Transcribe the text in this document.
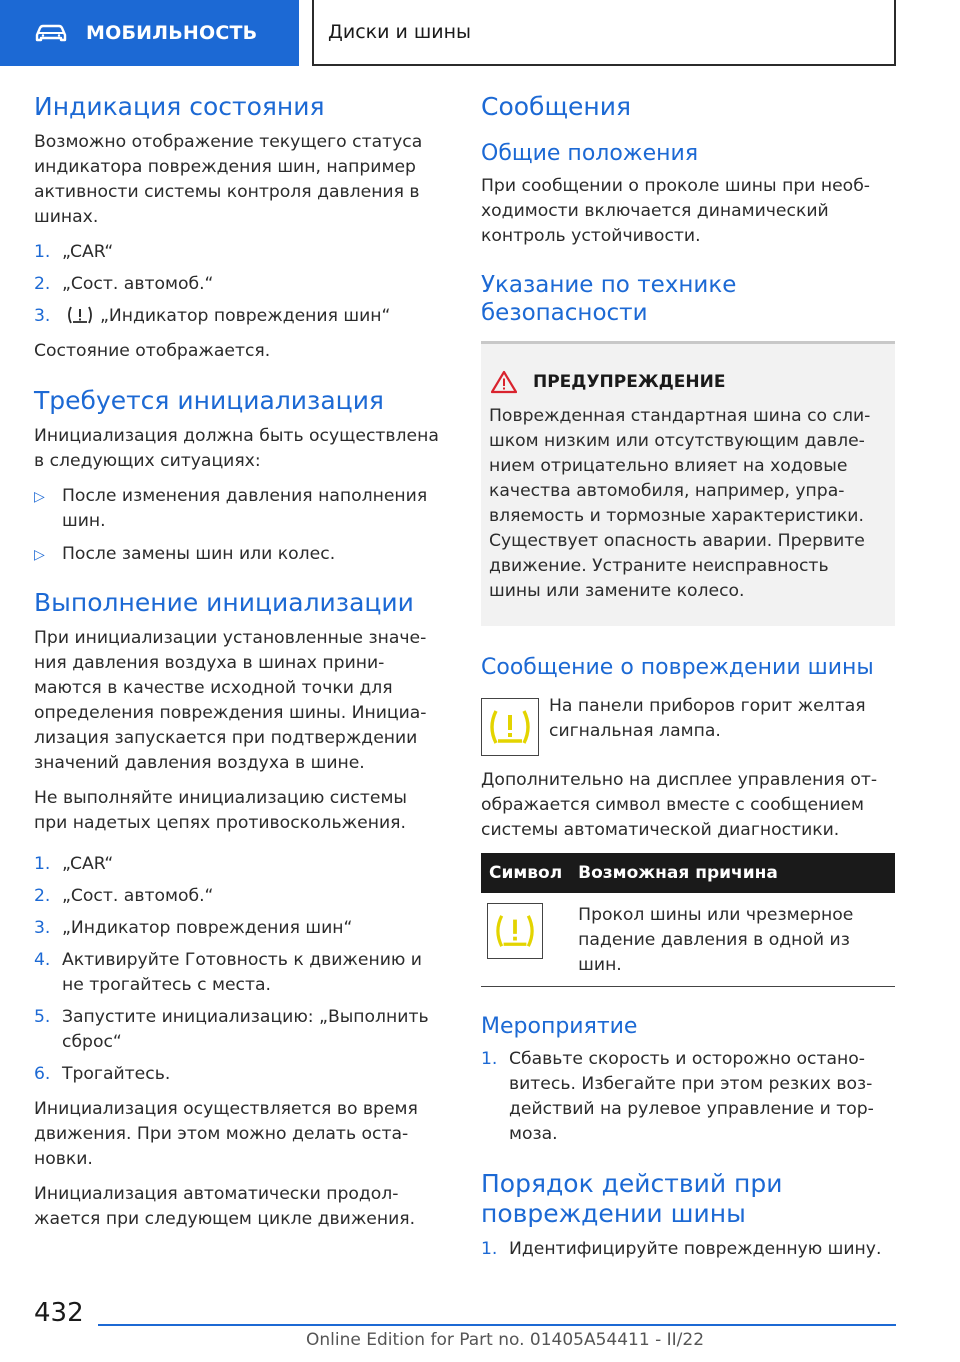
МОБИЛЬНОСТЬ	Диски и шины
Индикация состояния

Возможно отображение текущего статуса индикатора повреждения шин, например активности системы контроля давления в шинах.

1. „CAR“
2. „Сост. автомоб.“
3.	„Индикатор повреждения шин“

Состояние отображается.

Требуется инициализация

Инициализация должна быть осуществлена в следующих ситуациях:

▷	После изменения давления наполнения шин.
▷	После замены шин или колес.
Выполнение инициализации

При инициализации установленные значения давления воздуха в шинах принимаются в качестве исходной точки для определения повреждения шины. Инициализация запускается при подтверждении значений давления воздуха в шине.

Не выполняйте инициализацию системы при надетых цепях противоскольжения.

1. „CAR“
2. „Сост. автомоб.“
3. „Индикатор повреждения шин“
4. Активируйте Готовность к движению и не трогайтесь с места.
5. Запустите инициализацию: „Выполнить сброс“
6. Трогайтесь.

Инициализация осуществляется во время движения. При этом можно делать остановки.

Инициализация автоматически продолжается при следующем цикле движения.

Сообщения
Общие положения

При сообщении о проколе шины при необходимости включается динамический контроль устойчивости.

Указание по технике безопасности
ПРЕДУПРЕЖДЕНИЕ

Поврежденная стандартная шина со слишком низким или отсутствующим давлением отрицательно влияет на ходовые качества автомобиля, например, управляемость и тормозные характеристики. Существует опасность аварии. Прервите движение. Устраните неисправность шины или замените колесо.

Сообщение о повреждении шины

На панели приборов горит желтая сигнальная лампа.

Дополнительно на дисплее управления отображается символ вместе с сообщением системы автоматической диагностики.

Символ	Возможная причина

	Прокол шины или чрезмерное падение давления в одной из шин.
Мероприятие
1. Сбавьте скорость и осторожно остановитесь. Избегайте при этом резких воздействий на рулевое управление и тормоза.
Порядок действий при повреждении шины
1. Идентифицируйте поврежденную шину.
432
Online Edition for Part no. 01405A54411 - II/22
